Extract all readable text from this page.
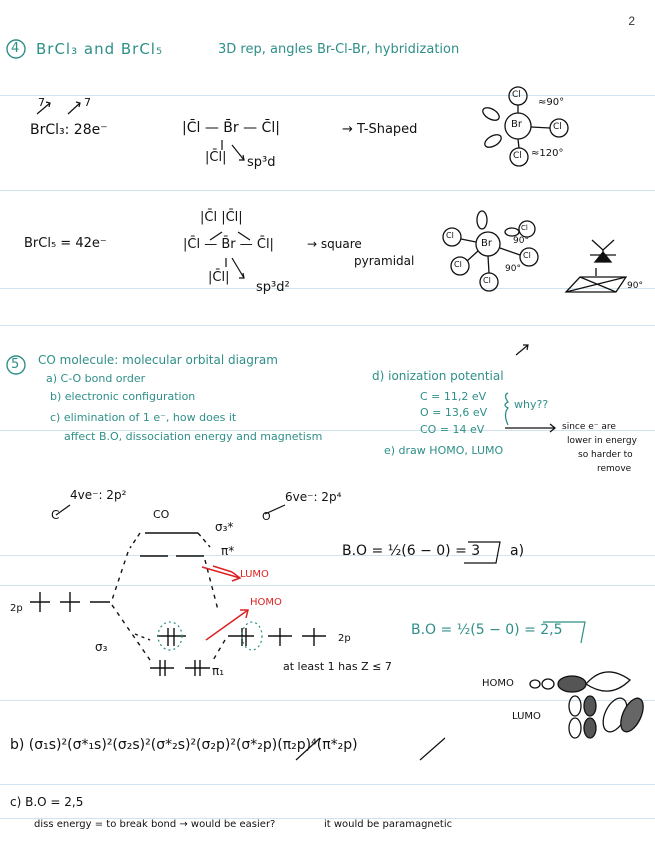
2
4 BrCl₃ and BrCl₅	3D rep, angles Br-Cl-Br, hybridization
7	7
BrCl₃: 28e⁻	|C̄l — B̄r — C̄l|
|C̄l| sp³d
→ T-Shaped	Br
Cl
Cl
Cl
≈90°
≈120°
BrCl₅ = 42e⁻
|C̄l |C̄l|
|C̄l — B̄r — C̄l|
|C̄l|
sp³d²
→ square
pyramidal
Br
Cl
Cl
Cl
Cl
Cl
90°
90°
90°
5 CO molecule: molecular orbital diagram
a) C-O bond order
b) electronic configuration
c) elimination of 1 e⁻, how does it
affect B.O, dissociation energy and magnetism
d) ionization potential
e) draw HOMO, LUMO
C = 11,2 eV
O = 13,6 eV
CO = 14 eV
why??
since e⁻ are
lower in energy
so harder to
remove
C
4ve⁻: 2p²
CO	O
6ve⁻: 2p⁴
σ₃*
π*
LUMO
HOMO
σ₃
π₁
2p
2p
at least 1 has Z ≤ 7
B.O = ½(6 − 0) = 3 a)
B.O = ½(5 − 0) = 2,5
HOMO
LUMO
b) (σ₁s)²(σ*₁s)²(σ₂s)²(σ*₂s)²(σ₂p)²(σ*₂p)(π₂p)⁴(π*₂p)
c) B.O = 2,5
diss energy = to break bond → would be easier?	it would be paramagnetic
